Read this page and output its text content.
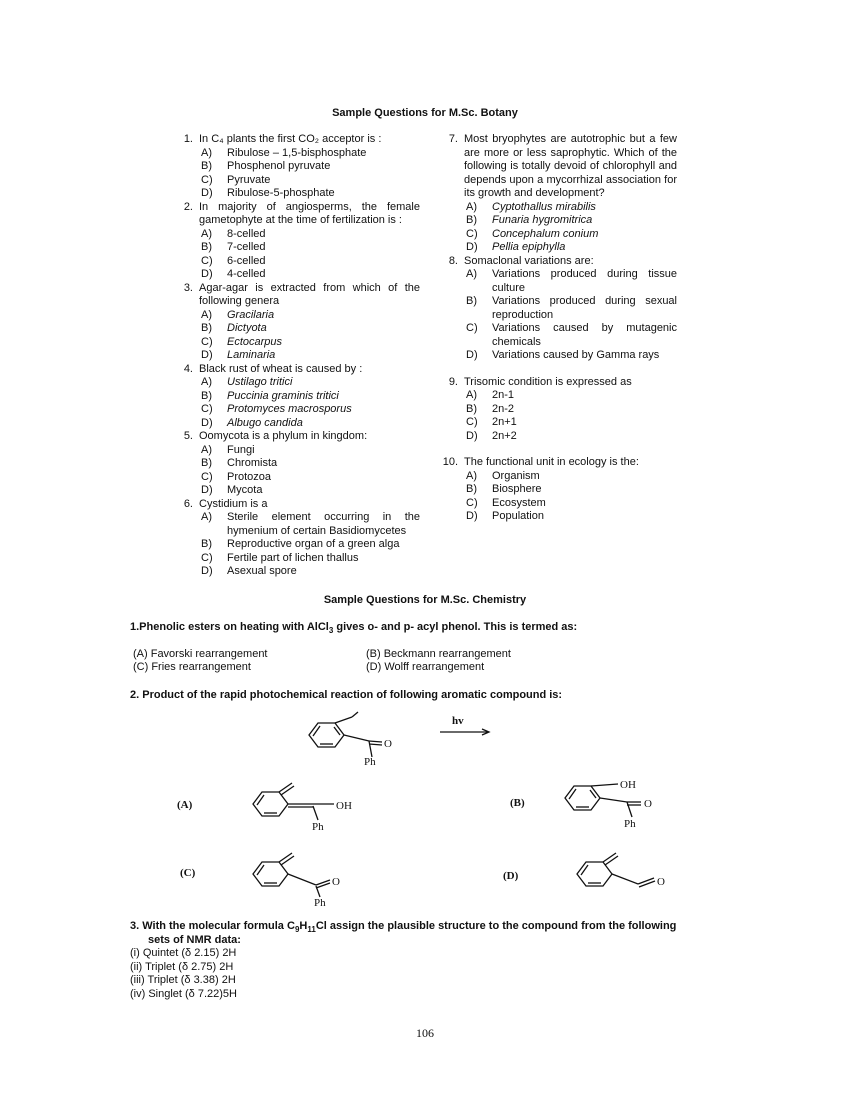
Sample Questions for M.Sc. Botany
1. In C₄ plants the first CO₂ acceptor is :
A)	Ribulose – 1,5-bisphosphate
B)	Phosphenol pyruvate
C)	Pyruvate
D)	Ribulose-5-phosphate
2. In majority of angiosperms, the female gametophyte at the time of fertilization is :
A)	8-celled
B)	7-celled
C)	6-celled
D)	4-celled
3. Agar-agar is extracted from which of the following genera
A)	Gracilaria
B)	Dictyota
C)	Ectocarpus
D)	Laminaria
4. Black rust of wheat is caused by :
A)	Ustilago tritici
B)	Puccinia graminis tritici
C)	Protomyces macrosporus
D)	Albugo candida
5. Oomycota is a phylum in kingdom:
A)	Fungi
B)	Chromista
C)	Protozoa
D)	Mycota
6. Cystidium is a
A)	Sterile element occurring in the hymenium of certain Basidiomycetes
B)	Reproductive organ of a green alga
C)	Fertile part of lichen thallus
D)	Asexual spore
7. Most bryophytes are autotrophic but a few are more or less saprophytic. Which of the following is totally devoid of chlorophyll and depends upon a mycorrhizal association for its growth and development?
A)	Cyptothallus mirabilis
B)	Funaria hygromitrica
C)	Concephalum conium
D)	Pellia epiphylla
8. Somaclonal variations are:
A)	Variations produced during tissue culture
B)	Variations produced during sexual reproduction
C)	Variations caused by mutagenic chemicals
D)	Variations caused by Gamma rays
9. Trisomic condition is expressed as
A)	2n-1
B)	2n-2
C)	2n+1
D)	2n+2
10. The functional unit in ecology is the:
A)	Organism
B)	Biosphere
C)	Ecosystem
D)	Population
Sample Questions for M.Sc. Chemistry
1.Phenolic esters on heating with AlCl$_3$ gives o- and p- acyl phenol. This is termed as:
(A) Favorski rearrangement	(B) Beckmann rearrangement
(C) Fries rearrangement	(D) Wolff rearrangement
2. Product of the rapid photochemical reaction of following aromatic compound is:
hv
O
Ph
(A)	OH
Ph
(B)
OH
O
Ph
(C)
O
Ph
(D)	O
3. With the molecular formula $C_9H_{11}Cl$ assign the plausible structure to the compound from the following
sets of NMR data:
(i) Quintet (δ 2.15) 2H
(ii) Triplet (δ 2.75) 2H
(iii) Triplet (δ 3.38) 2H
(iv) Singlet (δ 7.22)5H
106
